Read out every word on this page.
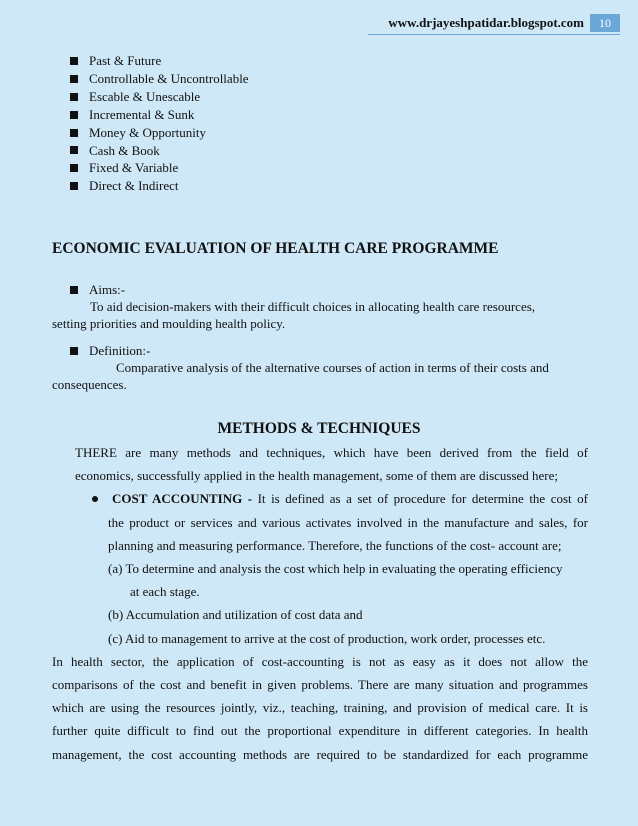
www.drjayeshpatidar.blogspot.com	10
Past & Future
Controllable & Uncontrollable
Escable & Unescable
Incremental & Sunk
Money & Opportunity
Cash & Book
Fixed & Variable
Direct & Indirect
ECONOMIC EVALUATION OF HEALTH CARE PROGRAMME
Aims:-
To aid decision-makers with their difficult choices in allocating health care resources,
setting priorities and moulding health policy.
Definition:-
Comparative analysis of the alternative courses of action in terms of their costs and
consequences.
METHODS & TECHNIQUES
THERE are many methods and techniques, which have been derived from the field of
economics, successfully applied in the health management, some of them are discussed here;
COST ACCOUNTING - It is defined as a set of procedure for determine the cost of
the product or services and various activates involved in the manufacture and sales, for
planning and measuring performance. Therefore, the functions of the cost- account are;
(a) To determine and analysis the cost which help in evaluating the operating efficiency
at each stage.
(b) Accumulation and utilization of cost data and
(c) Aid to management to arrive at the cost of production, work order, processes etc.
In health sector, the application of cost-accounting is not as easy as it does not allow the
comparisons of the cost and benefit in given problems. There are many situation and programmes
which are using the resources jointly, viz., teaching, training, and provision of medical care. It is
further quite difficult to find out the proportional expenditure in different categories. In health
management, the cost accounting methods are required to be standardized for each programme
